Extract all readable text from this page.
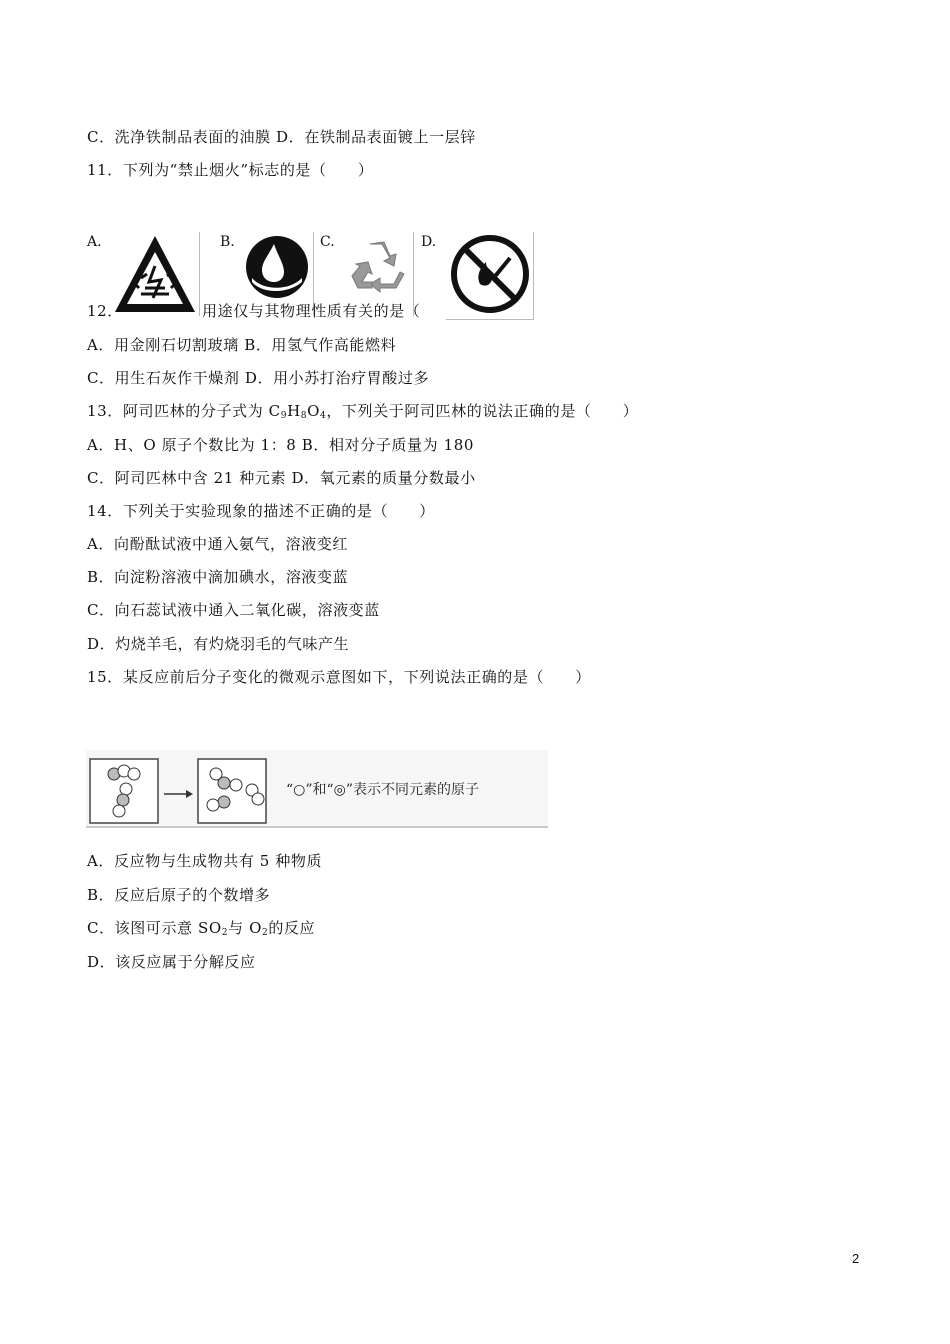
C．洗净铁制品表面的油膜 D．在铁制品表面镀上一层锌
11．下列为“禁止烟火”标志的是（　　）
A.	B.	C.	D.
12．	用途仅与其物理性质有关的是（
A．用金刚石切割玻璃 B．用氢气作高能燃料
C．用生石灰作干燥剂 D．用小苏打治疗胃酸过多
13．阿司匹林的分子式为 $C_9H_8O_4$，下列关于阿司匹林的说法正确的是（　　）
A．H、O 原子个数比为 1：8 B．相对分子质量为 180
C．阿司匹林中含 21 种元素 D．氧元素的质量分数最小
14．下列关于实验现象的描述不正确的是（　　）
A．向酚酞试液中通入氨气，溶液变红
B．向淀粉溶液中滴加碘水，溶液变蓝
C．向石蕊试液中通入二氧化碳，溶液变蓝
D．灼烧羊毛，有灼烧羽毛的气味产生
15．某反应前后分子变化的微观示意图如下，下列说法正确的是（　　）
“○”和“◎”表示不同元素的原子
A．反应物与生成物共有 5 种物质
B．反应后原子的个数增多
C．该图可示意 $SO_2$与 $O_2$的反应
D．该反应属于分解反应
2
